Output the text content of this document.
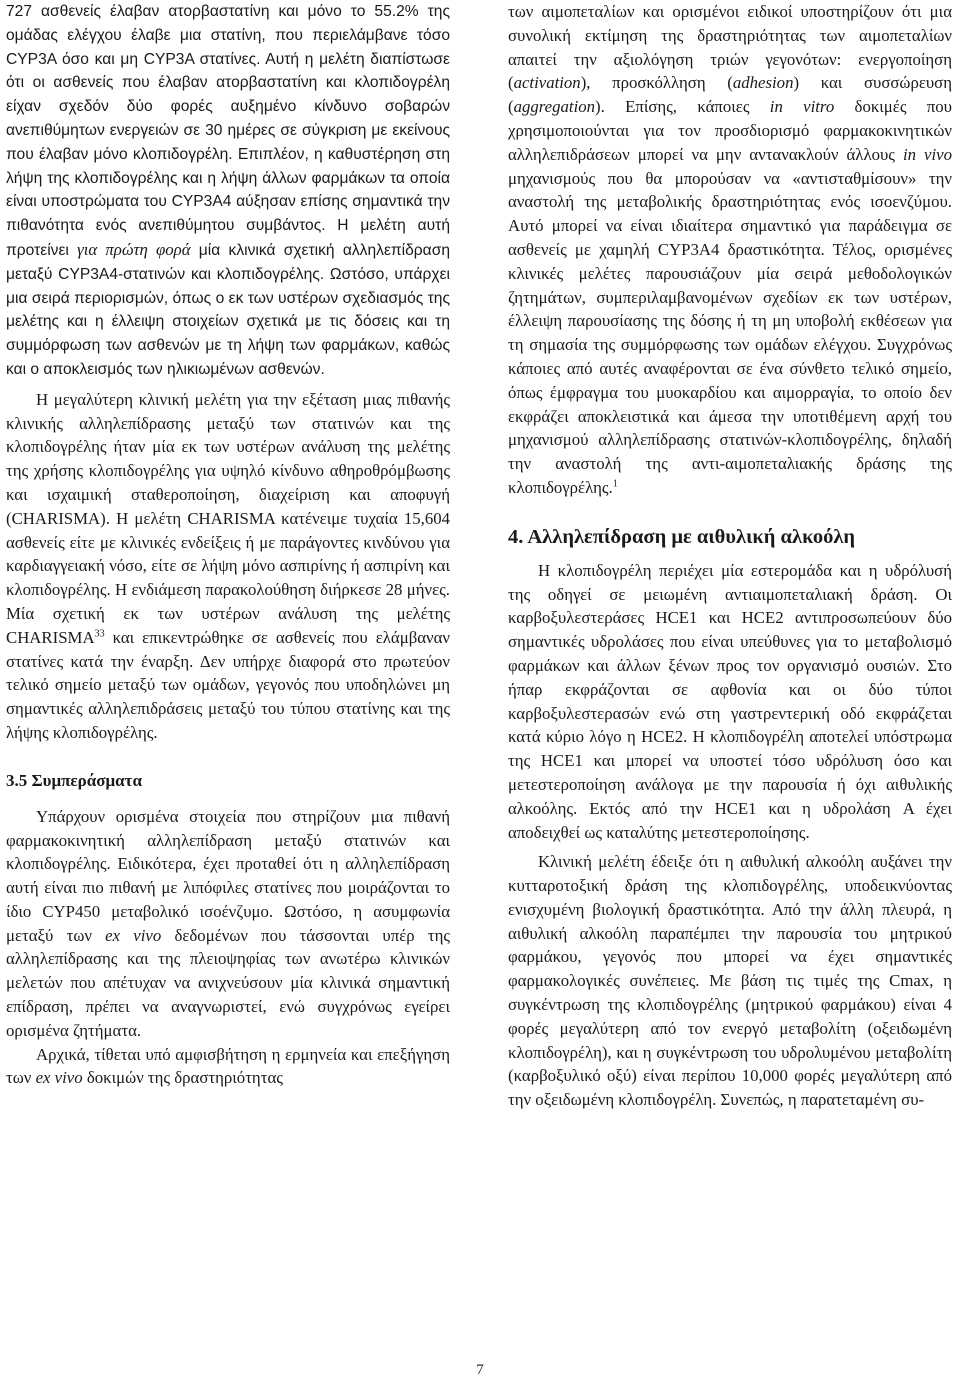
727 ασθενείς έλαβαν ατορβαστατίνη και μόνο το 55.2% της ομάδας ελέγχου έλαβε μια στατίνη, που περιελάμβανε τόσο CYP3A όσο και μη CYP3A στατίνες. Αυτή η μελέτη διαπίστωσε ότι οι ασθενείς που έλαβαν ατορβαστατίνη και κλοπιδογρέλη είχαν σχεδόν δύο φορές αυξημένο κίνδυνο σοβαρών ανεπιθύμητων ενεργειών σε 30 ημέρες σε σύγκριση με εκείνους που έλαβαν μόνο κλοπιδογρέλη. Επιπλέον, η καθυστέρηση στη λήψη της κλοπιδογρέλης και η λήψη άλλων φαρμάκων τα οποία είναι υποστρώματα του CYP3A4 αύξησαν επίσης σημαντικά την πιθανότητα ενός ανεπιθύμητου συμβάντος. Η μελέτη αυτή προτείνει για πρώτη φορά μία κλινικά σχετική αλληλεπίδραση μεταξύ CYP3A4-στατινών και κλοπιδογρέλης. Ωστόσο, υπάρχει μια σειρά περιορισμών, όπως ο εκ των υστέρων σχεδιασμός της μελέτης και η έλλειψη στοιχείων σχετικά με τις δόσεις και τη συμμόρφωση των ασθενών με τη λήψη των φαρμάκων, καθώς και ο αποκλεισμός των ηλικιωμένων ασθενών.

Η μεγαλύτερη κλινική μελέτη για την εξέταση μιας πιθανής κλινικής αλληλεπίδρασης μεταξύ των στατινών και της κλοπιδογρέλης ήταν μία εκ των υστέρων ανάλυση της μελέτης της χρήσης κλοπιδογρέλης για υψηλό κίνδυνο αθηροθρόμβωσης και ισχαιμική σταθεροποίηση, διαχείριση και αποφυγή (CHARISMA). Η μελέτη CHARISMA κατένειμε τυχαία 15,604 ασθενείς είτε με κλινικές ενδείξεις ή με παράγοντες κινδύνου για καρδιαγγειακή νόσο, είτε σε λήψη μόνο ασπιρίνης ή ασπιρίνη και κλοπιδογρέλης. Η ενδιάμεση παρακολούθηση διήρκεσε 28 μήνες. Μία σχετική εκ των υστέρων ανάλυση της μελέτης CHARISMA$^{33}$ και επικεντρώθηκε σε ασθενείς που ελάμβαναν στατίνες κατά την έναρξη. Δεν υπήρχε διαφορά στο πρωτεύον τελικό σημείο μεταξύ των ομάδων, γεγονός που υποδηλώνει μη σημαντικές αλληλεπιδράσεις μεταξύ του τύπου στατίνης και της λήψης κλοπιδογρέλης.

3.5 Συμπεράσματα

Υπάρχουν ορισμένα στοιχεία που στηρίζουν μια πιθανή φαρμακοκινητική αλληλεπίδραση μεταξύ στατινών και κλοπιδογρέλης. Ειδικότερα, έχει προταθεί ότι η αλληλεπίδραση αυτή είναι πιο πιθανή με λιπόφιλες στατίνες που μοιράζονται το ίδιο CYP450 μεταβολικό ισοένζυμο. Ωστόσο, η ασυμφωνία μεταξύ των ex vivo δεδομένων που τάσσονται υπέρ της αλληλεπίδρασης και της πλειοψηφίας των ανωτέρω κλινικών μελετών που απέτυχαν να ανιχνεύσουν μία κλινικά σημαντική επίδραση, πρέπει να αναγνωριστεί, ενώ συγχρόνως εγείρει ορισμένα ζητήματα.

Αρχικά, τίθεται υπό αμφισβήτηση η ερμηνεία και επεξήγηση των ex vivo δοκιμών της δραστηριότητας

των αιμοπεταλίων και ορισμένοι ειδικοί υποστηρίζουν ότι μια συνολική εκτίμηση της δραστηριότητας των αιμοπεταλίων απαιτεί την αξιολόγηση τριών γεγονότων: ενεργοποίηση (activation), προσκόλληση (adhesion) και συσσώρευση (aggregation). Επίσης, κάποιες in vitro δοκιμές που χρησιμοποιούνται για τον προσδιορισμό φαρμακοκινητικών αλληλεπιδράσεων μπορεί να μην αντανακλούν άλλους in vivo μηχανισμούς που θα μπορούσαν να «αντισταθμίσουν» την αναστολή της μεταβολικής δραστηριότητας ενός ισοενζύμου. Αυτό μπορεί να είναι ιδιαίτερα σημαντικό για παράδειγμα σε ασθενείς με χαμηλή CYP3A4 δραστικότητα. Τέλος, ορισμένες κλινικές μελέτες παρουσιάζουν μία σειρά μεθοδολογικών ζητημάτων, συμπεριλαμβανομένων σχεδίων εκ των υστέρων, έλλειψη παρουσίασης της δόσης ή τη μη υποβολή εκθέσεων για τη σημασία της συμμόρφωσης των ομάδων ελέγχου. Συγχρόνως κάποιες από αυτές αναφέρονται σε ένα σύνθετο τελικό σημείο, όπως έμφραγμα του μυοκαρδίου και αιμορραγία, το οποίο δεν εκφράζει αποκλειστικά και άμεσα την υποτιθέμενη αρχή του μηχανισμού αλληλεπίδρασης στατινών-κλοπιδογρέλης, δηλαδή την αναστολή της αντι-αιμοπεταλιακής δράσης της κλοπιδογρέλης.$^1$

4. Αλληλεπίδραση με αιθυλική αλκοόλη

Η κλοπιδογρέλη περιέχει μία εστερομάδα και η υδρόλυσή της οδηγεί σε μειωμένη αντιαιμοπεταλιακή δράση. Οι καρβοξυλεστεράσες HCE1 και HCE2 αντιπροσωπεύουν δύο σημαντικές υδρολάσες που είναι υπεύθυνες για το μεταβολισμό φαρμάκων και άλλων ξένων προς τον οργανισμό ουσιών. Στο ήπαρ εκφράζονται σε αφθονία και οι δύο τύποι καρβοξυλεστερασών ενώ στη γαστρεντερική οδό εκφράζεται κατά κύριο λόγο η HCE2. Η κλοπιδογρέλη αποτελεί υπόστρωμα της HCE1 και μπορεί να υποστεί τόσο υδρόλυση όσο και μετεστεροποίηση ανάλογα με την παρουσία ή όχι αιθυλικής αλκοόλης. Εκτός από την HCE1 και η υδρολάση A έχει αποδειχθεί ως καταλύτης μετεστεροποίησης.

Κλινική μελέτη έδειξε ότι η αιθυλική αλκοόλη αυξάνει την κυτταροτοξική δράση της κλοπιδογρέλης, υποδεικνύοντας ενισχυμένη βιολογική δραστικότητα. Από την άλλη πλευρά, η αιθυλική αλκοόλη παραπέμπει την παρουσία του μητρικού φαρμάκου, γεγονός που μπορεί να έχει σημαντικές φαρμακολογικές συνέπειες. Με βάση τις τιμές της Cmax, η συγκέντρωση της κλοπιδογρέλης (μητρικού φαρμάκου) είναι 4 φορές μεγαλύτερη από τον ενεργό μεταβολίτη (οξειδωμένη κλοπιδογρέλη), και η συγκέντρωση του υδρολυμένου μεταβολίτη (καρβοξυλικό οξύ) είναι περίπου 10,000 φορές μεγαλύτερη από την οξειδωμένη κλοπιδογρέλη. Συνεπώς, η παρατεταμένη συ-

7
